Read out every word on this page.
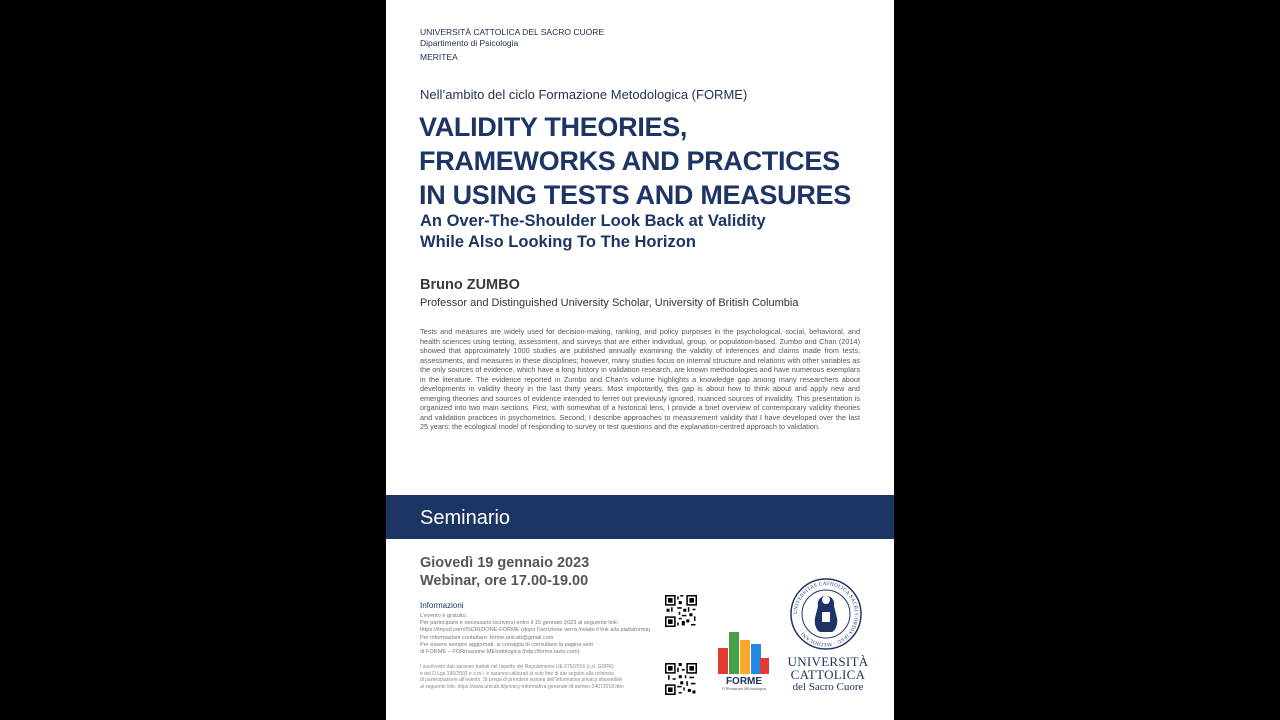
UNIVERSITÀ CATTOLICA DEL SACRO CUORE
Dipartimento di Psicologia
MERITEA
Nell’ambito del ciclo Formazione Metodologica (FORME)
VALIDITY THEORIES,
FRAMEWORKS AND PRACTICES
IN USING TESTS AND MEASURES
An Over-The-Shoulder Look Back at Validity
While Also Looking To The Horizon
Bruno ZUMBO
Professor and Distinguished University Scholar, University of British Columbia

Tests and measures are widely used for decision-making, ranking, and policy purposes in the psychological, social, behavioral, and health sciences using testing, assessment, and surveys that are either individual, group, or population-based. Zumbo and Chan (2014) showed that approximately 1000 studies are published annually examining the validity of inferences and claims made from tests, assessments, and measures in these disciplines; however, many studies focus on internal structure and relations with other variables as the only sources of evidence, which have a long history in validation research, are known methodologies and have numerous exemplars in the literature. The evidence reported in Zumbo and Chan’s volume highlights a knowledge gap among many researchers about developments in validity theory in the last thirty years. Most importantly, this gap is about how to think about and apply new and emerging theories and sources of evidence intended to ferret out previously ignored, nuanced sources of invalidity. This presentation is organized into two main sections. First, with somewhat of a historical lens, I provide a brief overview of contemporary validity theories and validation practices in psychometrics. Second, I describe approaches to measurement validity that I have developed over the last 25 years: the ecological model of responding to survey or test questions and the explanation-centred approach to validation.

Seminario
Giovedì 19 gennaio 2023
Webinar, ore 17.00-19.00
Informazioni
L’evento è gratuito.
Per partecipare è necessario iscriversi entro il 15 gennaio 2023 al seguente link:
https://tinyurl.com/ISCRIZIONE-FORME (dopo l’iscrizione verrà inviato il link alla piattaforma)
Per informazioni contattare: forme.unicatt@gmail.com
Per essere sempre aggiornati, si consiglia di consultare la pagina web
di FORME – FORmazione MEtodologica (http://forme.lazio.com).
I suoi/vostri dati saranno trattati nel rispetto del Regolamento UE 679/2016 (c.d. GDPR)
e del D.Lgs 196/2003 e s.m.i. e saranno utilizzati al solo fine di dar seguito alla richiesta
di partecipazione all’evento. Si prega di prendere visione dell’informativa privacy disponibile
al seguente link: https://www.unicatt.it/privacy-informativa-generale-di-ateneo-24072018.htm	FORME
FORmazione MEtodologica
UNIVERSITAS CATHOLICA SACRI CORDIS IESU · MEDIOLANI ·
UNIVERSITÀ
CATTOLICA
del Sacro Cuore
